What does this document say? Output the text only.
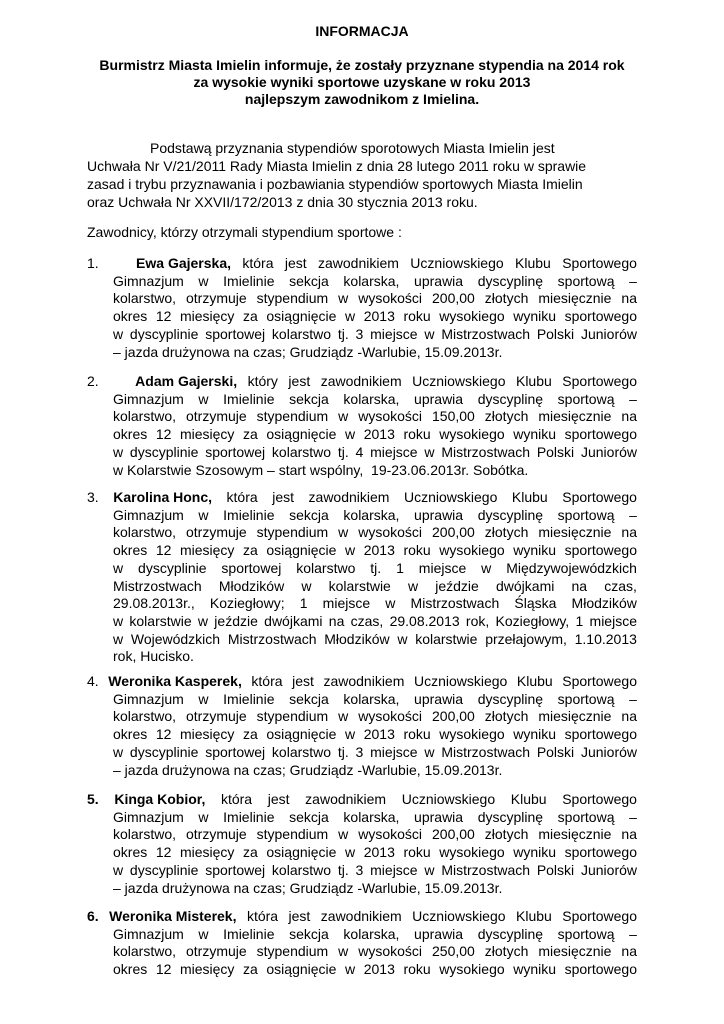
INFORMACJA
Burmistrz Miasta Imielin informuje, że zostały przyznane stypendia na 2014 rok
za wysokie wyniki sportowe uzyskane w roku 2013
najlepszym zawodnikom z Imielina.
Podstawą przyznania stypendiów sporotowych Miasta Imielin jest
Uchwała Nr V/21/2011 Rady Miasta Imielin z dnia 28 lutego 2011 roku w sprawie
zasad i trybu przyznawania i pozbawiania stypendiów sportowych Miasta Imielin
oraz Uchwała Nr XXVII/172/2013 z dnia 30 stycznia 2013 roku.
Zawodnicy, którzy otrzymali stypendium sportowe :
1.	Ewa Gajerska, która jest zawodnikiem Uczniowskiego Klubu Sportowego
Gimnazjum w Imielinie sekcja kolarska, uprawia dyscyplinę sportową –
kolarstwo, otrzymuje stypendium w wysokości 200,00 złotych miesięcznie na
okres 12 miesięcy za osiągnięcie w 2013 roku wysokiego wyniku sportowego
w dyscyplinie sportowej kolarstwo tj. 3 miejsce w Mistrzostwach Polski Juniorów
– jazda drużynowa na czas; Grudziądz -Warlubie, 15.09.2013r.
2.	Adam Gajerski, który jest zawodnikiem Uczniowskiego Klubu Sportowego
Gimnazjum w Imielinie sekcja kolarska, uprawia dyscyplinę sportową –
kolarstwo, otrzymuje stypendium w wysokości 150,00 złotych miesięcznie na
okres 12 miesięcy za osiągnięcie w 2013 roku wysokiego wyniku sportowego
w dyscyplinie sportowej kolarstwo tj. 4 miejsce w Mistrzostwach Polski Juniorów
w Kolarstwie Szosowym – start wspólny,  19-23.06.2013r. Sobótka.
3. Karolina Honc, która jest zawodnikiem Uczniowskiego Klubu Sportowego
Gimnazjum w Imielinie sekcja kolarska, uprawia dyscyplinę sportową –
kolarstwo, otrzymuje stypendium w wysokości 200,00 złotych miesięcznie na
okres 12 miesięcy za osiągnięcie w 2013 roku wysokiego wyniku sportowego
w dyscyplinie sportowej kolarstwo tj. 1 miejsce w Międzywojewódzkich
Mistrzostwach Młodzików w kolarstwie w jeździe dwójkami na czas,
29.08.2013r., Koziegłowy; 1 miejsce w Mistrzostwach Śląska Młodzików
w kolarstwie w jeździe dwójkami na czas, 29.08.2013 rok, Koziegłowy, 1 miejsce
w Wojewódzkich Mistrzostwach Młodzików w kolarstwie przełajowym, 1.10.2013
rok, Hucisko.
4. Weronika Kasperek, która jest zawodnikiem Uczniowskiego Klubu Sportowego
Gimnazjum w Imielinie sekcja kolarska, uprawia dyscyplinę sportową –
kolarstwo, otrzymuje stypendium w wysokości 200,00 złotych miesięcznie na
okres 12 miesięcy za osiągnięcie w 2013 roku wysokiego wyniku sportowego
w dyscyplinie sportowej kolarstwo tj. 3 miejsce w Mistrzostwach Polski Juniorów
– jazda drużynowa na czas; Grudziądz -Warlubie, 15.09.2013r.
5. Kinga Kobior, która jest zawodnikiem Uczniowskiego Klubu Sportowego
Gimnazjum w Imielinie sekcja kolarska, uprawia dyscyplinę sportową –
kolarstwo, otrzymuje stypendium w wysokości 200,00 złotych miesięcznie na
okres 12 miesięcy za osiągnięcie w 2013 roku wysokiego wyniku sportowego
w dyscyplinie sportowej kolarstwo tj. 3 miejsce w Mistrzostwach Polski Juniorów
– jazda drużynowa na czas; Grudziądz -Warlubie, 15.09.2013r.
6. Weronika Misterek, która jest zawodnikiem Uczniowskiego Klubu Sportowego
Gimnazjum w Imielinie sekcja kolarska, uprawia dyscyplinę sportową –
kolarstwo, otrzymuje stypendium w wysokości 250,00 złotych miesięcznie na
okres 12 miesięcy za osiągnięcie w 2013 roku wysokiego wyniku sportowego
